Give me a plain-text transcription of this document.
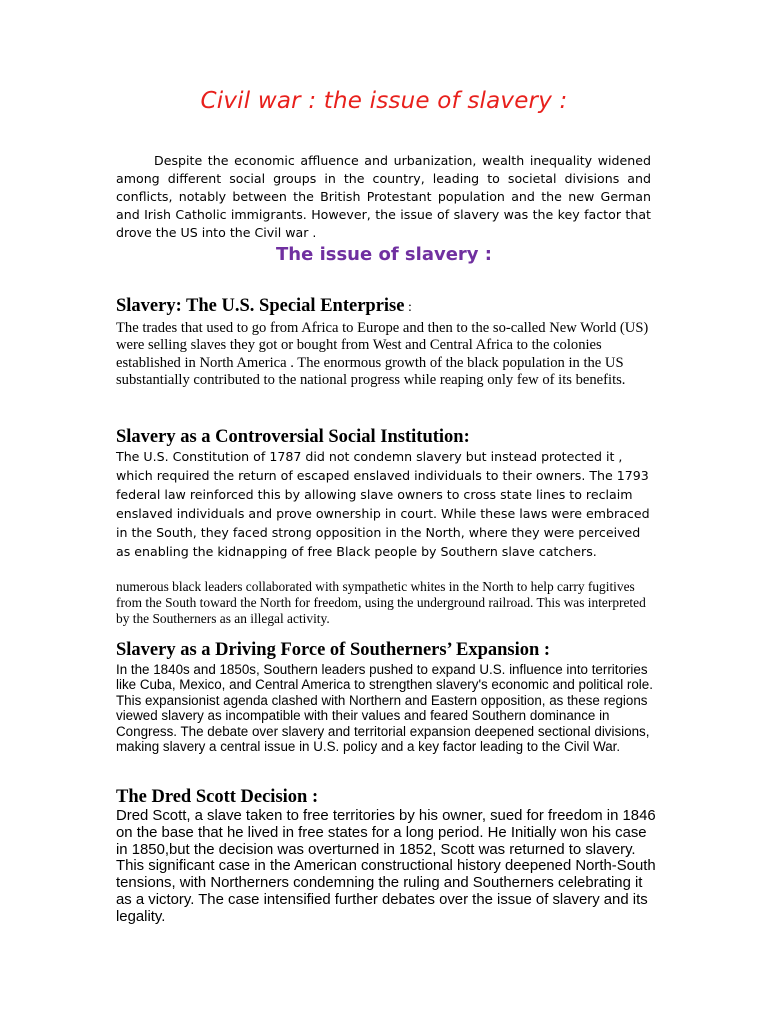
Civil war : the issue of slavery :

Despite the economic affluence and urbanization, wealth inequality widened among different social groups in the country, leading to societal divisions and conflicts, notably between the British Protestant population and the new German and Irish Catholic immigrants. However, the issue of slavery was the key factor that drove the US into the Civil war .

The issue of slavery :
Slavery: The U.S. Special Enterprise :

The trades that used to go from Africa to Europe and then to the so-called New World (US) were selling slaves they got or bought from West and Central Africa to the colonies established in North America . The enormous growth of the black population in the US substantially contributed to the national progress while reaping only few of its benefits.

Slavery as a Controversial Social Institution:

The U.S. Constitution of 1787 did not condemn slavery but instead protected it , which required the return of escaped enslaved individuals to their owners. The 1793 federal law reinforced this by allowing slave owners to cross state lines to reclaim enslaved individuals and prove ownership in court. While these laws were embraced in the South, they faced strong opposition in the North, where they were perceived as enabling the kidnapping of free Black people by Southern slave catchers.

numerous black leaders collaborated with sympathetic whites in the North to help carry fugitives from the South toward the North for freedom, using the underground railroad. This was interpreted by the Southerners as an illegal activity.

Slavery as a Driving Force of Southerners’ Expansion :

In the 1840s and 1850s, Southern leaders pushed to expand U.S. influence into territories like Cuba, Mexico, and Central America to strengthen slavery's economic and political role. This expansionist agenda clashed with Northern and Eastern opposition, as these regions viewed slavery as incompatible with their values and feared Southern dominance in Congress. The debate over slavery and territorial expansion deepened sectional divisions, making slavery a central issue in U.S. policy and a key factor leading to the Civil War.

The Dred Scott Decision :

Dred Scott, a slave taken to free territories by his owner, sued for freedom in 1846 on the base that he lived in free states for a long period. He Initially won his case in 1850,but the decision was overturned in 1852, Scott was returned to slavery. This significant case in the American constructional history deepened North-South tensions, with Northerners condemning the ruling and Southerners celebrating it as a victory. The case intensified further debates over the issue of slavery and its legality.
